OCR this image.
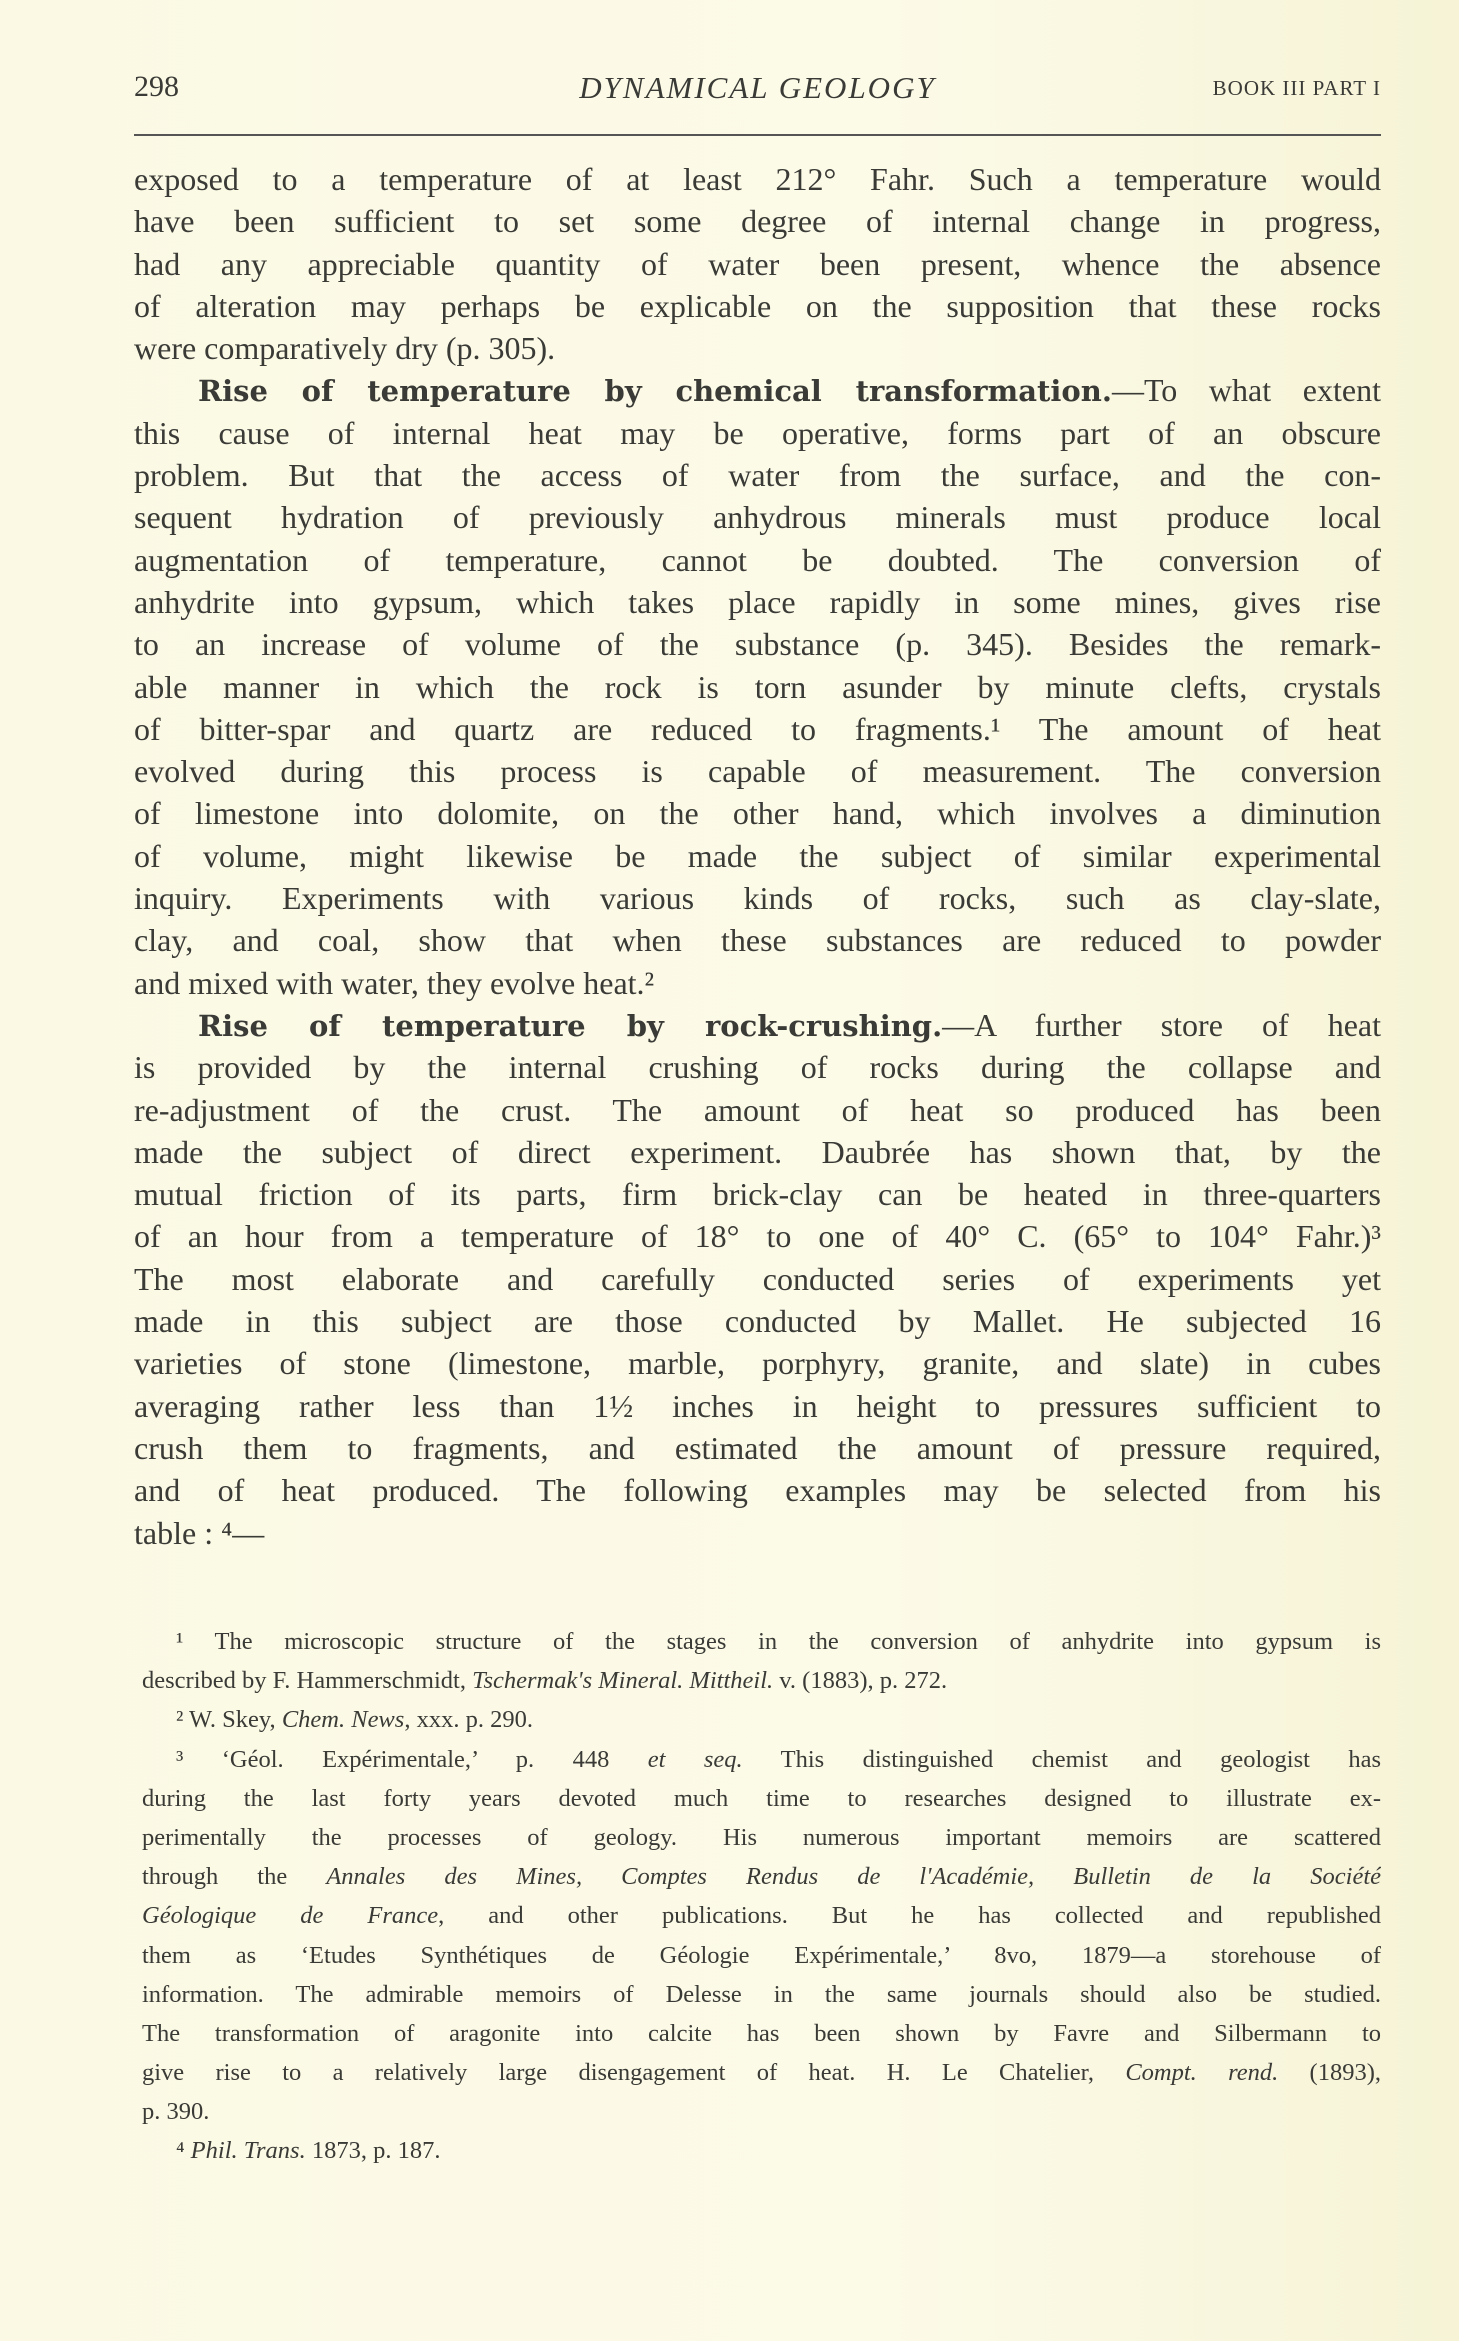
298	DYNAMICAL GEOLOGY	BOOK III PART I
exposed to a temperature of at least 212° Fahr. Such a temperature would
have been sufficient to set some degree of internal change in progress,
had any appreciable quantity of water been present, whence the absence
of alteration may perhaps be explicable on the supposition that these rocks
were comparatively dry (p. 305).
Rise of temperature by chemical transformation.—To what extent
this cause of internal heat may be operative, forms part of an obscure
problem. But that the access of water from the surface, and the con-
sequent hydration of previously anhydrous minerals must produce local
augmentation of temperature, cannot be doubted. The conversion of
anhydrite into gypsum, which takes place rapidly in some mines, gives rise
to an increase of volume of the substance (p. 345). Besides the remark-
able manner in which the rock is torn asunder by minute clefts, crystals
of bitter-spar and quartz are reduced to fragments.¹ The amount of heat
evolved during this process is capable of measurement. The conversion
of limestone into dolomite, on the other hand, which involves a diminution
of volume, might likewise be made the subject of similar experimental
inquiry. Experiments with various kinds of rocks, such as clay-slate,
clay, and coal, show that when these substances are reduced to powder
and mixed with water, they evolve heat.²
Rise of temperature by rock-crushing.—A further store of heat
is provided by the internal crushing of rocks during the collapse and
re-adjustment of the crust. The amount of heat so produced has been
made the subject of direct experiment. Daubrée has shown that, by the
mutual friction of its parts, firm brick-clay can be heated in three-quarters
of an hour from a temperature of 18° to one of 40° C. (65° to 104° Fahr.)³
The most elaborate and carefully conducted series of experiments yet
made in this subject are those conducted by Mallet. He subjected 16
varieties of stone (limestone, marble, porphyry, granite, and slate) in cubes
averaging rather less than 1½ inches in height to pressures sufficient to
crush them to fragments, and estimated the amount of pressure required,
and of heat produced. The following examples may be selected from his
table : ⁴—
¹ The microscopic structure of the stages in the conversion of anhydrite into gypsum is
described by F. Hammerschmidt, Tschermak's Mineral. Mittheil. v. (1883), p. 272.
² W. Skey, Chem. News, xxx. p. 290.
³ ‘Géol. Expérimentale,’ p. 448 et seq. This distinguished chemist and geologist has
during the last forty years devoted much time to researches designed to illustrate ex-
perimentally the processes of geology. His numerous important memoirs are scattered
through the Annales des Mines, Comptes Rendus de l'Académie, Bulletin de la Société
Géologique de France, and other publications. But he has collected and republished
them as ‘Etudes Synthétiques de Géologie Expérimentale,’ 8vo, 1879—a storehouse of
information. The admirable memoirs of Delesse in the same journals should also be studied.
The transformation of aragonite into calcite has been shown by Favre and Silbermann to
give rise to a relatively large disengagement of heat. H. Le Chatelier, Compt. rend. (1893),
p. 390.
⁴ Phil. Trans. 1873, p. 187.
